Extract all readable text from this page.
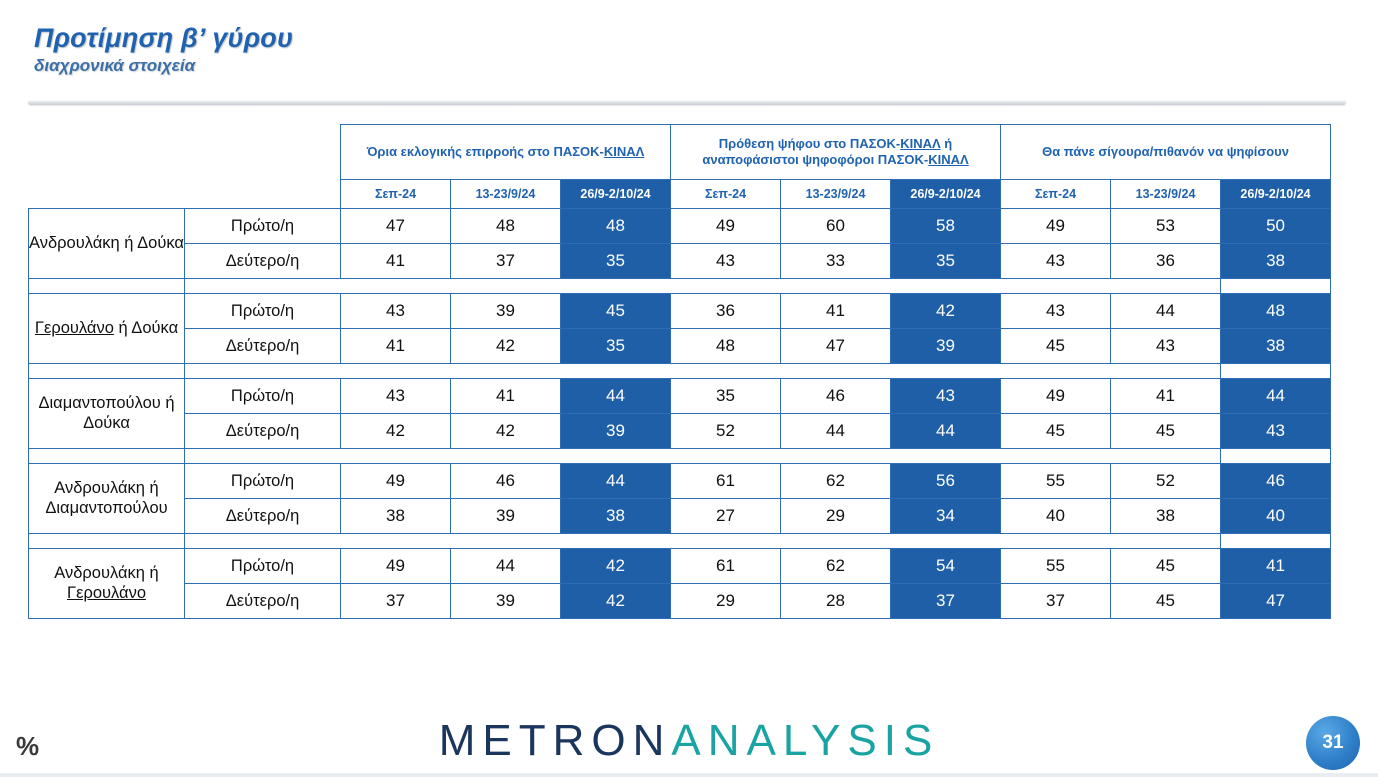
Προτίμηση β’ γύρου
διαχρονικά στοιχεία
		Όρια εκλογικής επιρροής στο ΠΑΣΟΚ-ΚΙΝΑΛ			Πρόθεση ψήφου στο ΠΑΣΟΚ-ΚΙΝΑΛ ή αναποφάσιστοι ψηφοφόροι ΠΑΣΟΚ-ΚΙΝΑΛ			Θα πάνε σίγουρα/πιθανόν να ψηφίσουν		
		Σεπ-24	13-23/9/24	26/9-2/10/24	Σεπ-24	13-23/9/24	26/9-2/10/24	Σεπ-24	13-23/9/24	26/9-2/10/24
Ανδρουλάκη ή Δούκα	Πρώτο/η	47	48	48	49	60	58	49	53	50
	Δεύτερο/η	41	37	35	43	33	35	43	36	38

Γερουλάνο ή Δούκα	Πρώτο/η	43	39	45	36	41	42	43	44	48
	Δεύτερο/η	41	42	35	48	47	39	45	43	38

Διαμαντοπούλου ή Δούκα	Πρώτο/η	43	41	44	35	46	43	49	41	44
	Δεύτερο/η	42	42	39	52	44	44	45	45	43

Ανδρουλάκη ή Διαμαντοπούλου	Πρώτο/η	49	46	44	61	62	56	55	52	46
	Δεύτερο/η	38	39	38	27	29	34	40	38	40

Ανδρουλάκη ή Γερουλάνο	Πρώτο/η	49	44	42	61	62	54	55	45	41
	Δεύτερο/η	37	39	42	29	28	37	37	45	47
%	METRONANALYSIS	31
